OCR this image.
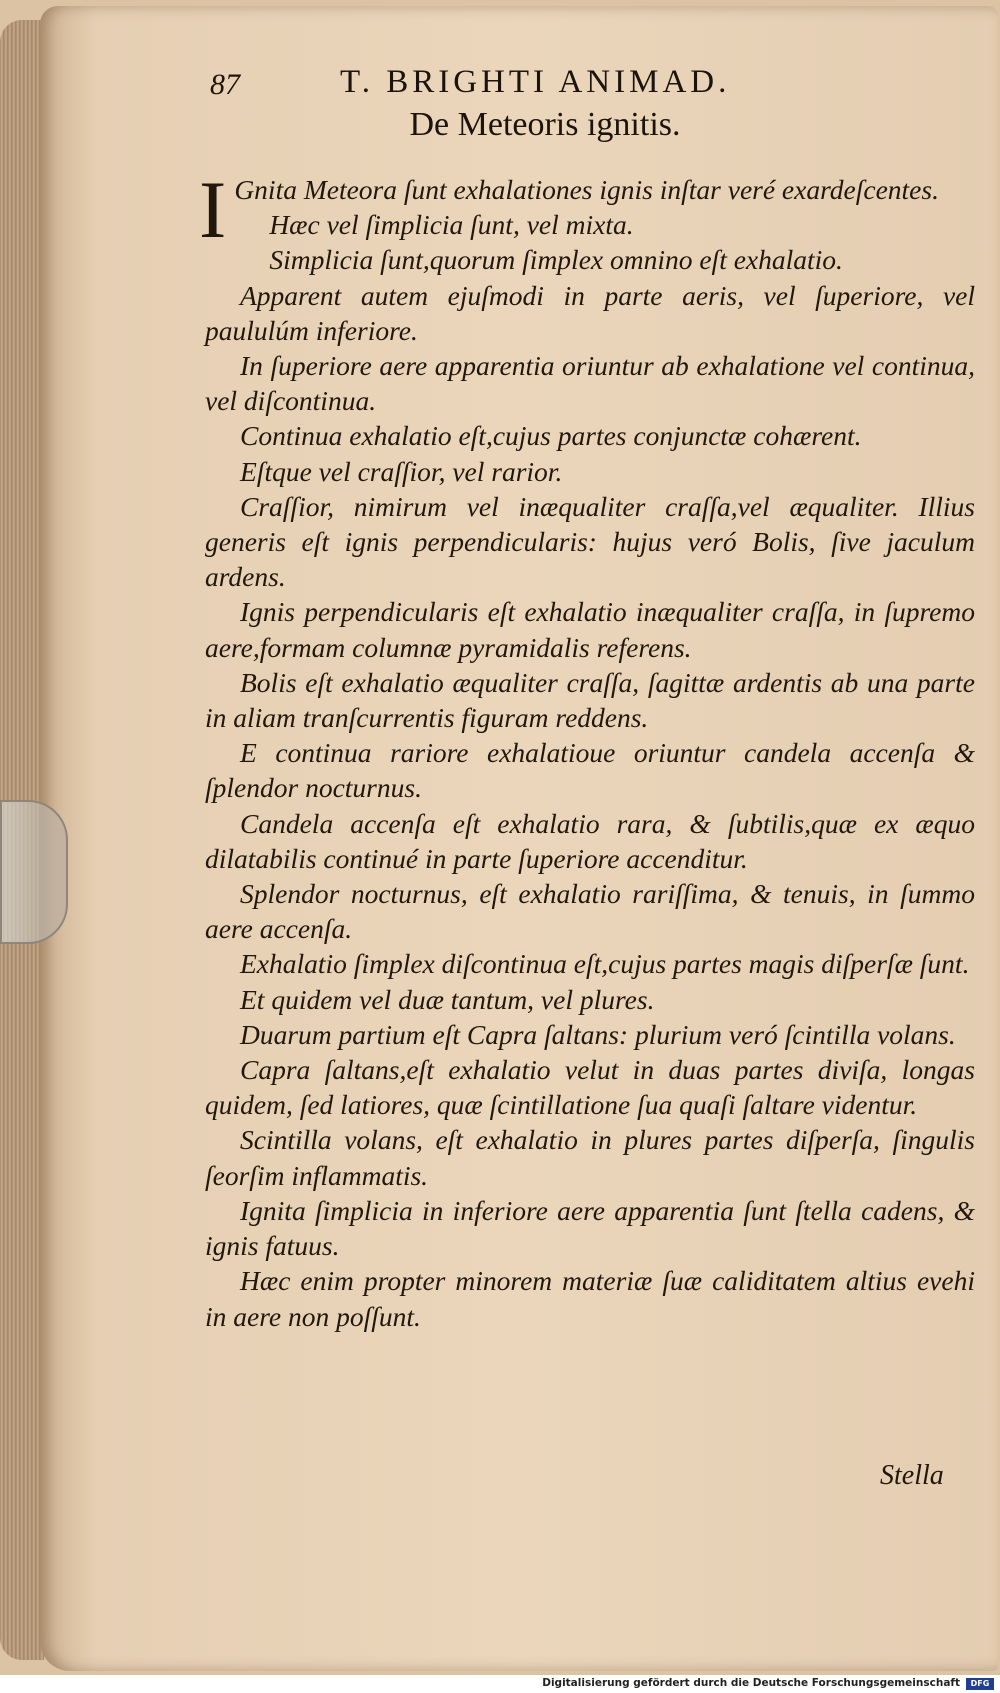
87	T. BRIGHTI ANIMAD.
De Meteoris ignitis.

I Gnita Meteora ſunt exhalationes ignis inſtar veré exardeſcentes.

Hæc vel ſimplicia ſunt, vel mixta.

Simplicia ſunt,quorum ſimplex omnino eſt exhalatio.

Apparent autem ejuſmodi in parte aeris, vel ſuperiore, vel paululúm inferiore.

In ſuperiore aere apparentia oriuntur ab exhalatione vel continua, vel diſcontinua.

Continua exhalatio eſt,cujus partes conjunctæ cohærent.

Eſtque vel craſſior, vel rarior.

Craſſior, nimirum vel inæqualiter craſſa,vel æqualiter. Illius generis eſt ignis perpendicularis: hujus veró Bolis, ſive jaculum ardens.

Ignis perpendicularis eſt exhalatio inæqualiter craſſa, in ſupremo aere,formam columnæ pyramidalis referens.

Bolis eſt exhalatio æqualiter craſſa, ſagittæ ardentis ab una parte in aliam tranſcurrentis figuram reddens.

E continua rariore exhalatioue oriuntur candela accenſa & ſplendor nocturnus.

Candela accenſa eſt exhalatio rara, & ſubtilis,quæ ex æquo dilatabilis continué in parte ſuperiore accenditur.

Splendor nocturnus, eſt exhalatio rariſſima, & tenuis, in ſummo aere accenſa.

Exhalatio ſimplex diſcontinua eſt,cujus partes magis diſperſæ ſunt.

Et quidem vel duæ tantum, vel plures.

Duarum partium eſt Capra ſaltans: plurium veró ſcintilla volans.

Capra ſaltans,eſt exhalatio velut in duas partes diviſa, longas quidem, ſed latiores, quæ ſcintillatione ſua quaſi ſaltare videntur.

Scintilla volans, eſt exhalatio in plures partes diſperſa, ſingulis ſeorſim inflammatis.

Ignita ſimplicia in inferiore aere apparentia ſunt ſtella cadens, & ignis fatuus.

Hæc enim propter minorem materiæ ſuæ caliditatem altius evehi in aere non poſſunt.

Stella
Digitalisierung gefördert durch die Deutsche Forschungsgemeinschaft	DFG
